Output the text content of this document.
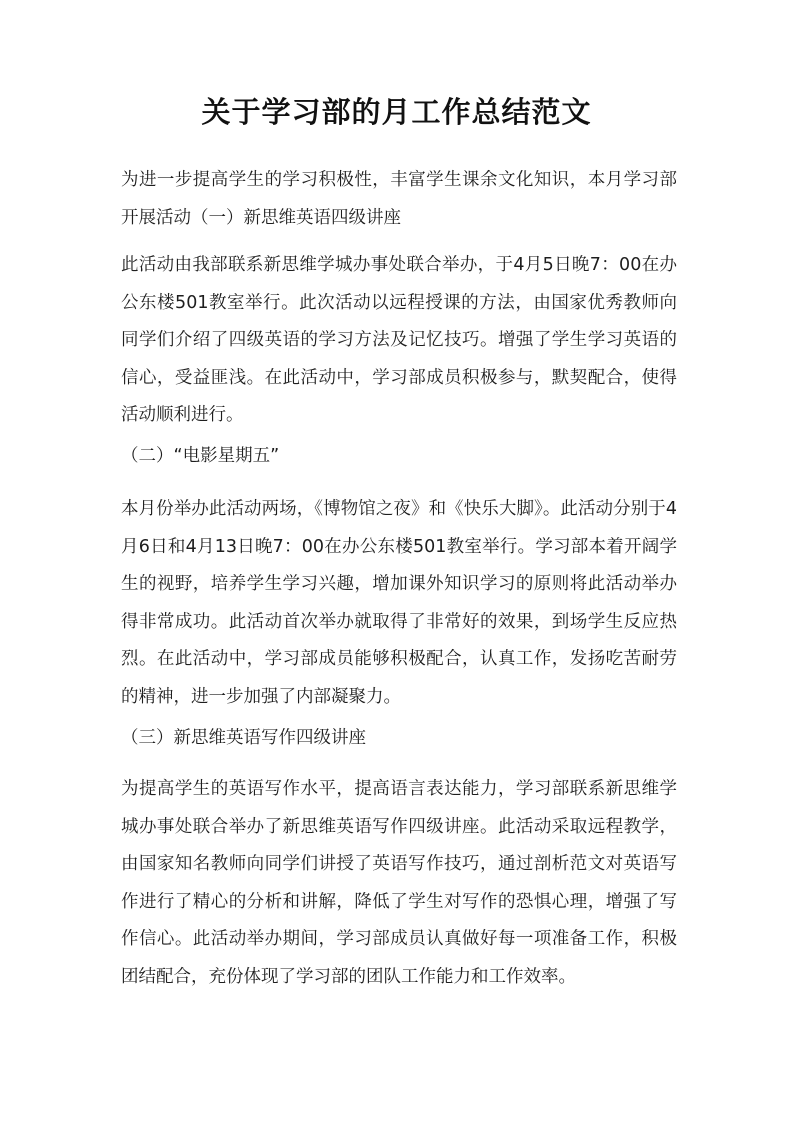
关于学习部的月工作总结范文

为进一步提高学生的学习积极性，丰富学生课余文化知识，本月学习部开展活动（一）新思维英语四级讲座

此活动由我部联系新思维学城办事处联合举办，于4月5日晚7：00在办公东楼501教室举行。此次活动以远程授课的方法，由国家优秀教师向同学们介绍了四级英语的学习方法及记忆技巧。增强了学生学习英语的信心，受益匪浅。在此活动中，学习部成员积极参与，默契配合，使得活动顺利进行。

（二）“电影星期五”

本月份举办此活动两场，《博物馆之夜》和《快乐大脚》。此活动分别于4月6日和4月13日晚7：00在办公东楼501教室举行。学习部本着开阔学生的视野，培养学生学习兴趣，增加课外知识学习的原则将此活动举办得非常成功。此活动首次举办就取得了非常好的效果，到场学生反应热烈。在此活动中，学习部成员能够积极配合，认真工作，发扬吃苦耐劳的精神，进一步加强了内部凝聚力。

（三）新思维英语写作四级讲座

为提高学生的英语写作水平，提高语言表达能力，学习部联系新思维学城办事处联合举办了新思维英语写作四级讲座。此活动采取远程教学，由国家知名教师向同学们讲授了英语写作技巧，通过剖析范文对英语写作进行了精心的分析和讲解，降低了学生对写作的恐惧心理，增强了写作信心。此活动举办期间，学习部成员认真做好每一项准备工作，积极团结配合，充份体现了学习部的团队工作能力和工作效率。
